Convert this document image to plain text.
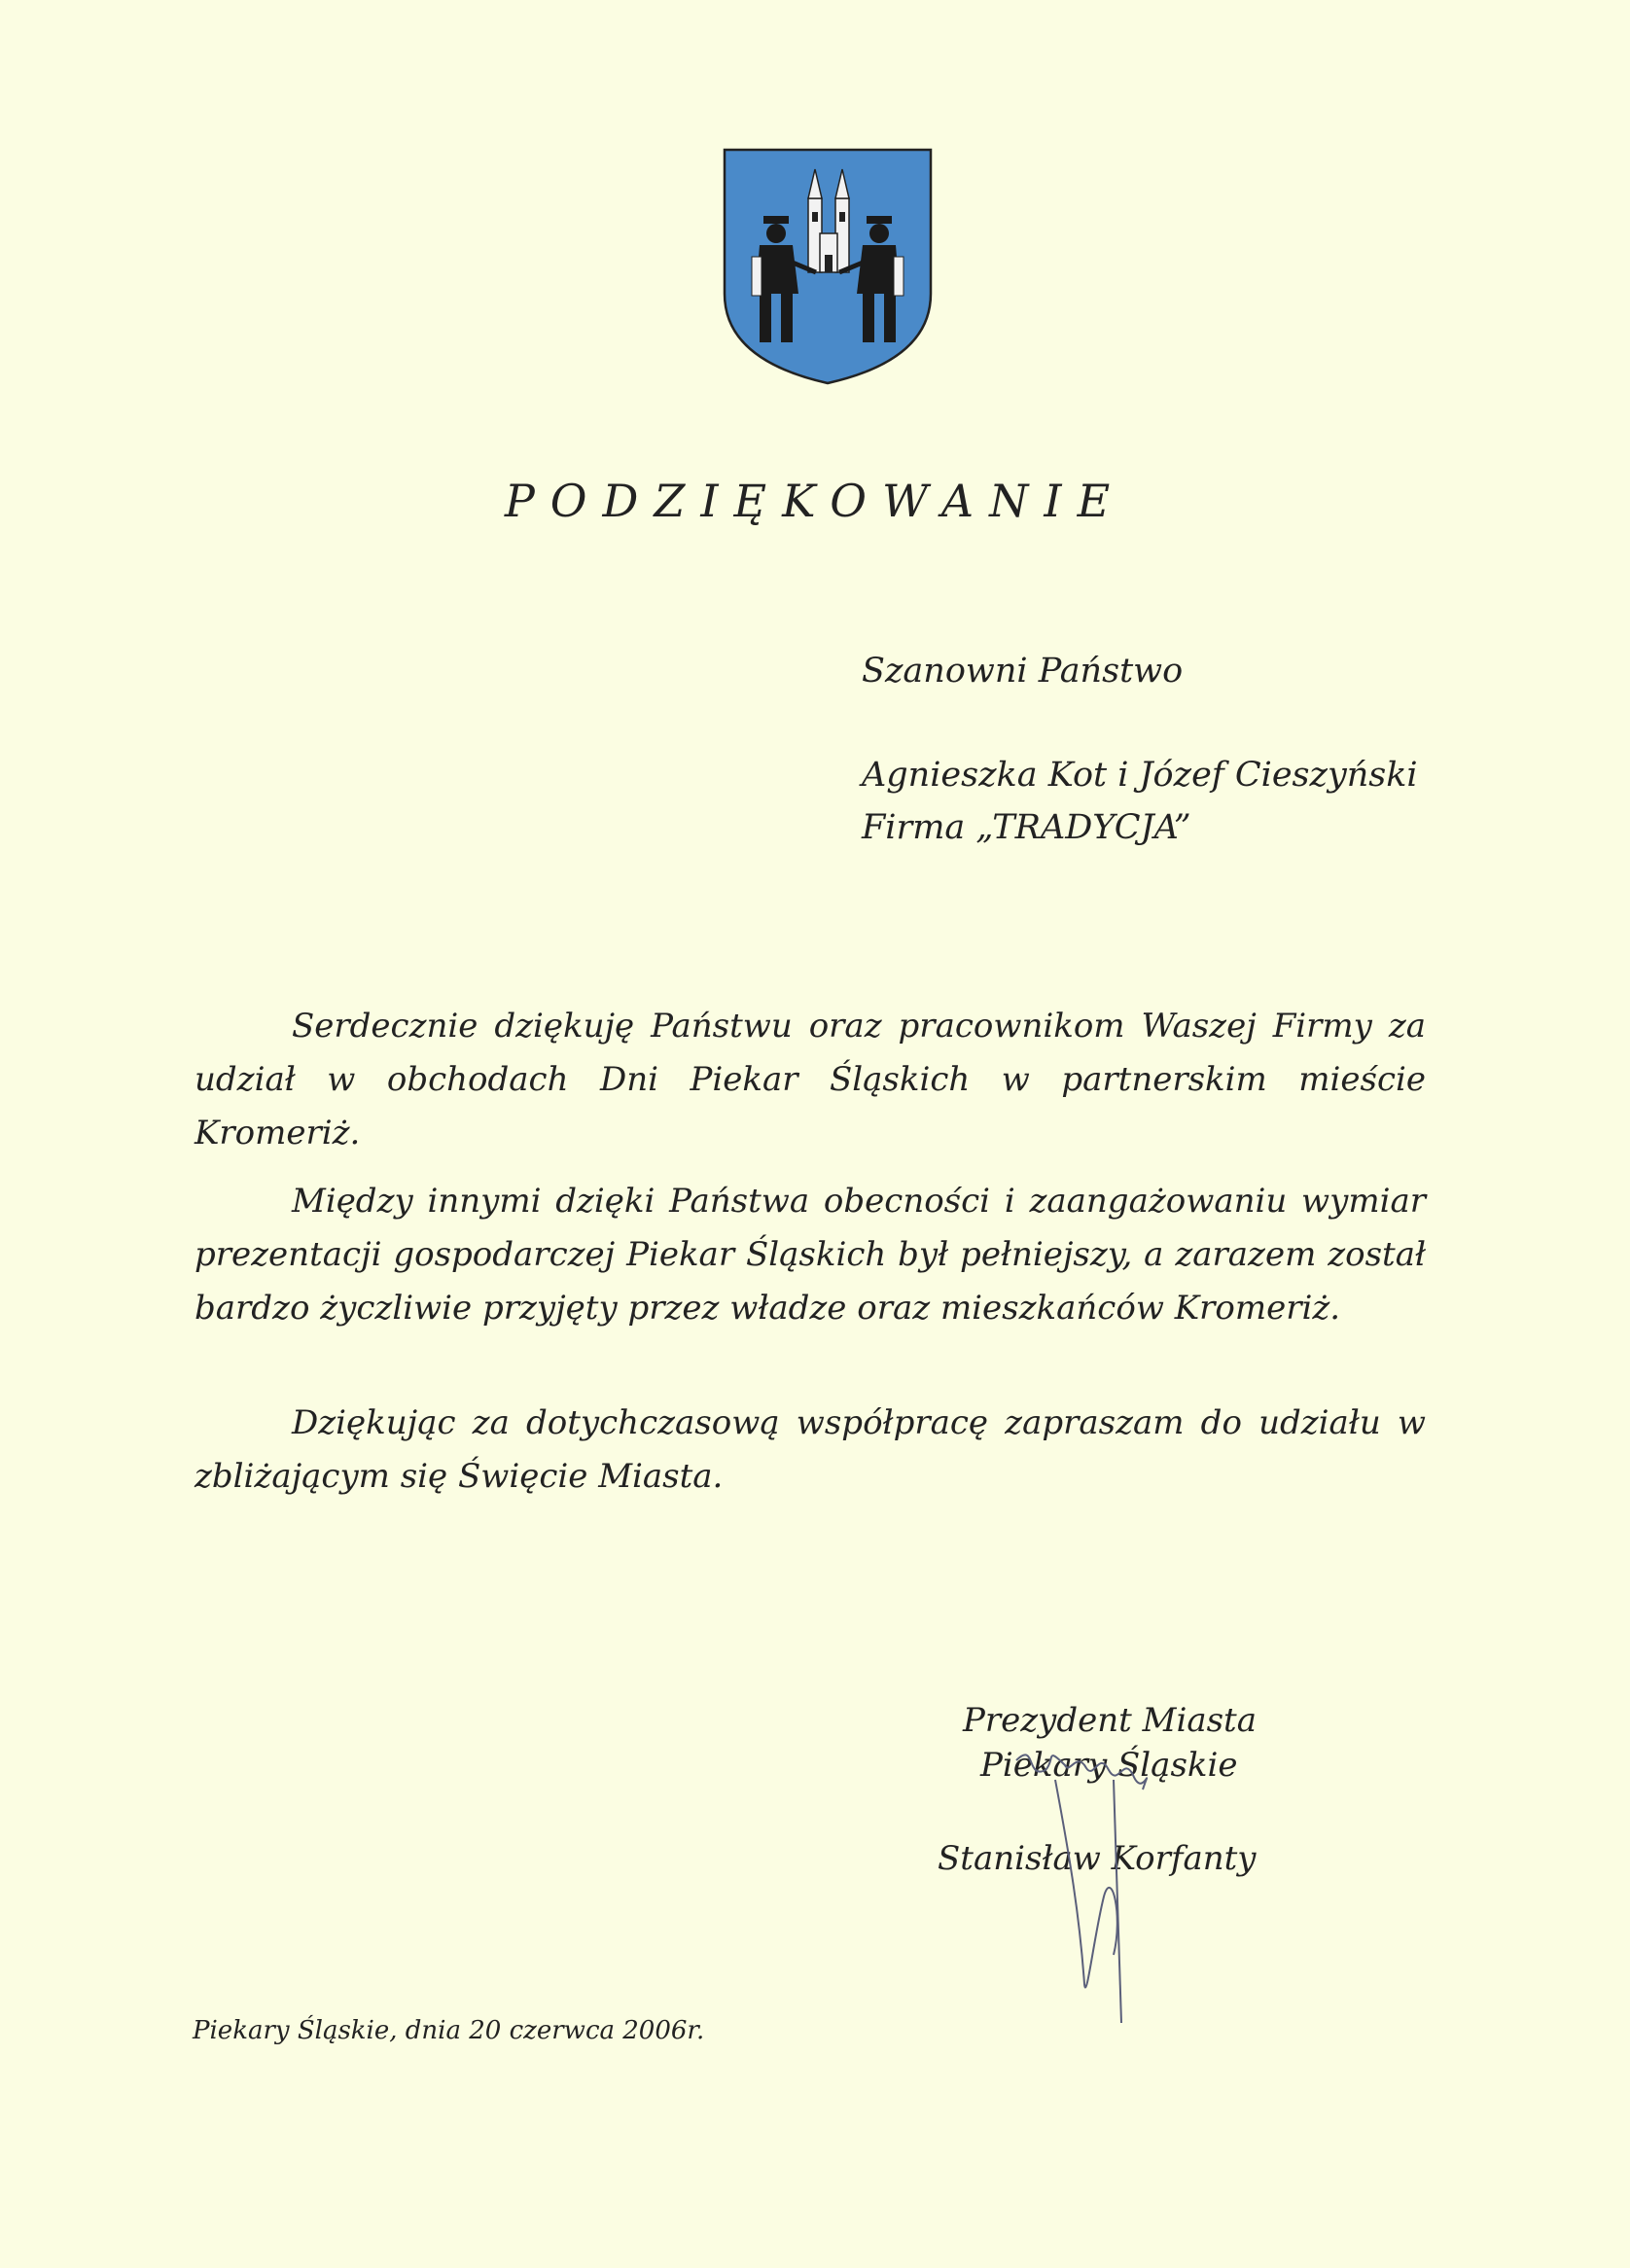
PODZIĘKOWANIE
Szanowni Państwo
Agnieszka Kot i Józef Cieszyński
Firma „TRADYCJA”
Serdecznie dziękuję Państwu oraz pracownikom Waszej Firmy za udział w obchodach Dni Piekar Śląskich w partnerskim mieście Kromeriż.
Między innymi dzięki Państwa obecności i zaangażowaniu wymiar prezentacji gospodarczej Piekar Śląskich był pełniejszy, a zarazem został bardzo życzliwie przyjęty przez władze oraz mieszkańców Kromeriż.
Dziękując za dotychczasową współpracę zapraszam do udziału w zbliżającym się Święcie Miasta.
Prezydent Miasta
Piekary Śląskie
Stanisław Korfanty
Piekary Śląskie, dnia 20 czerwca 2006r.
